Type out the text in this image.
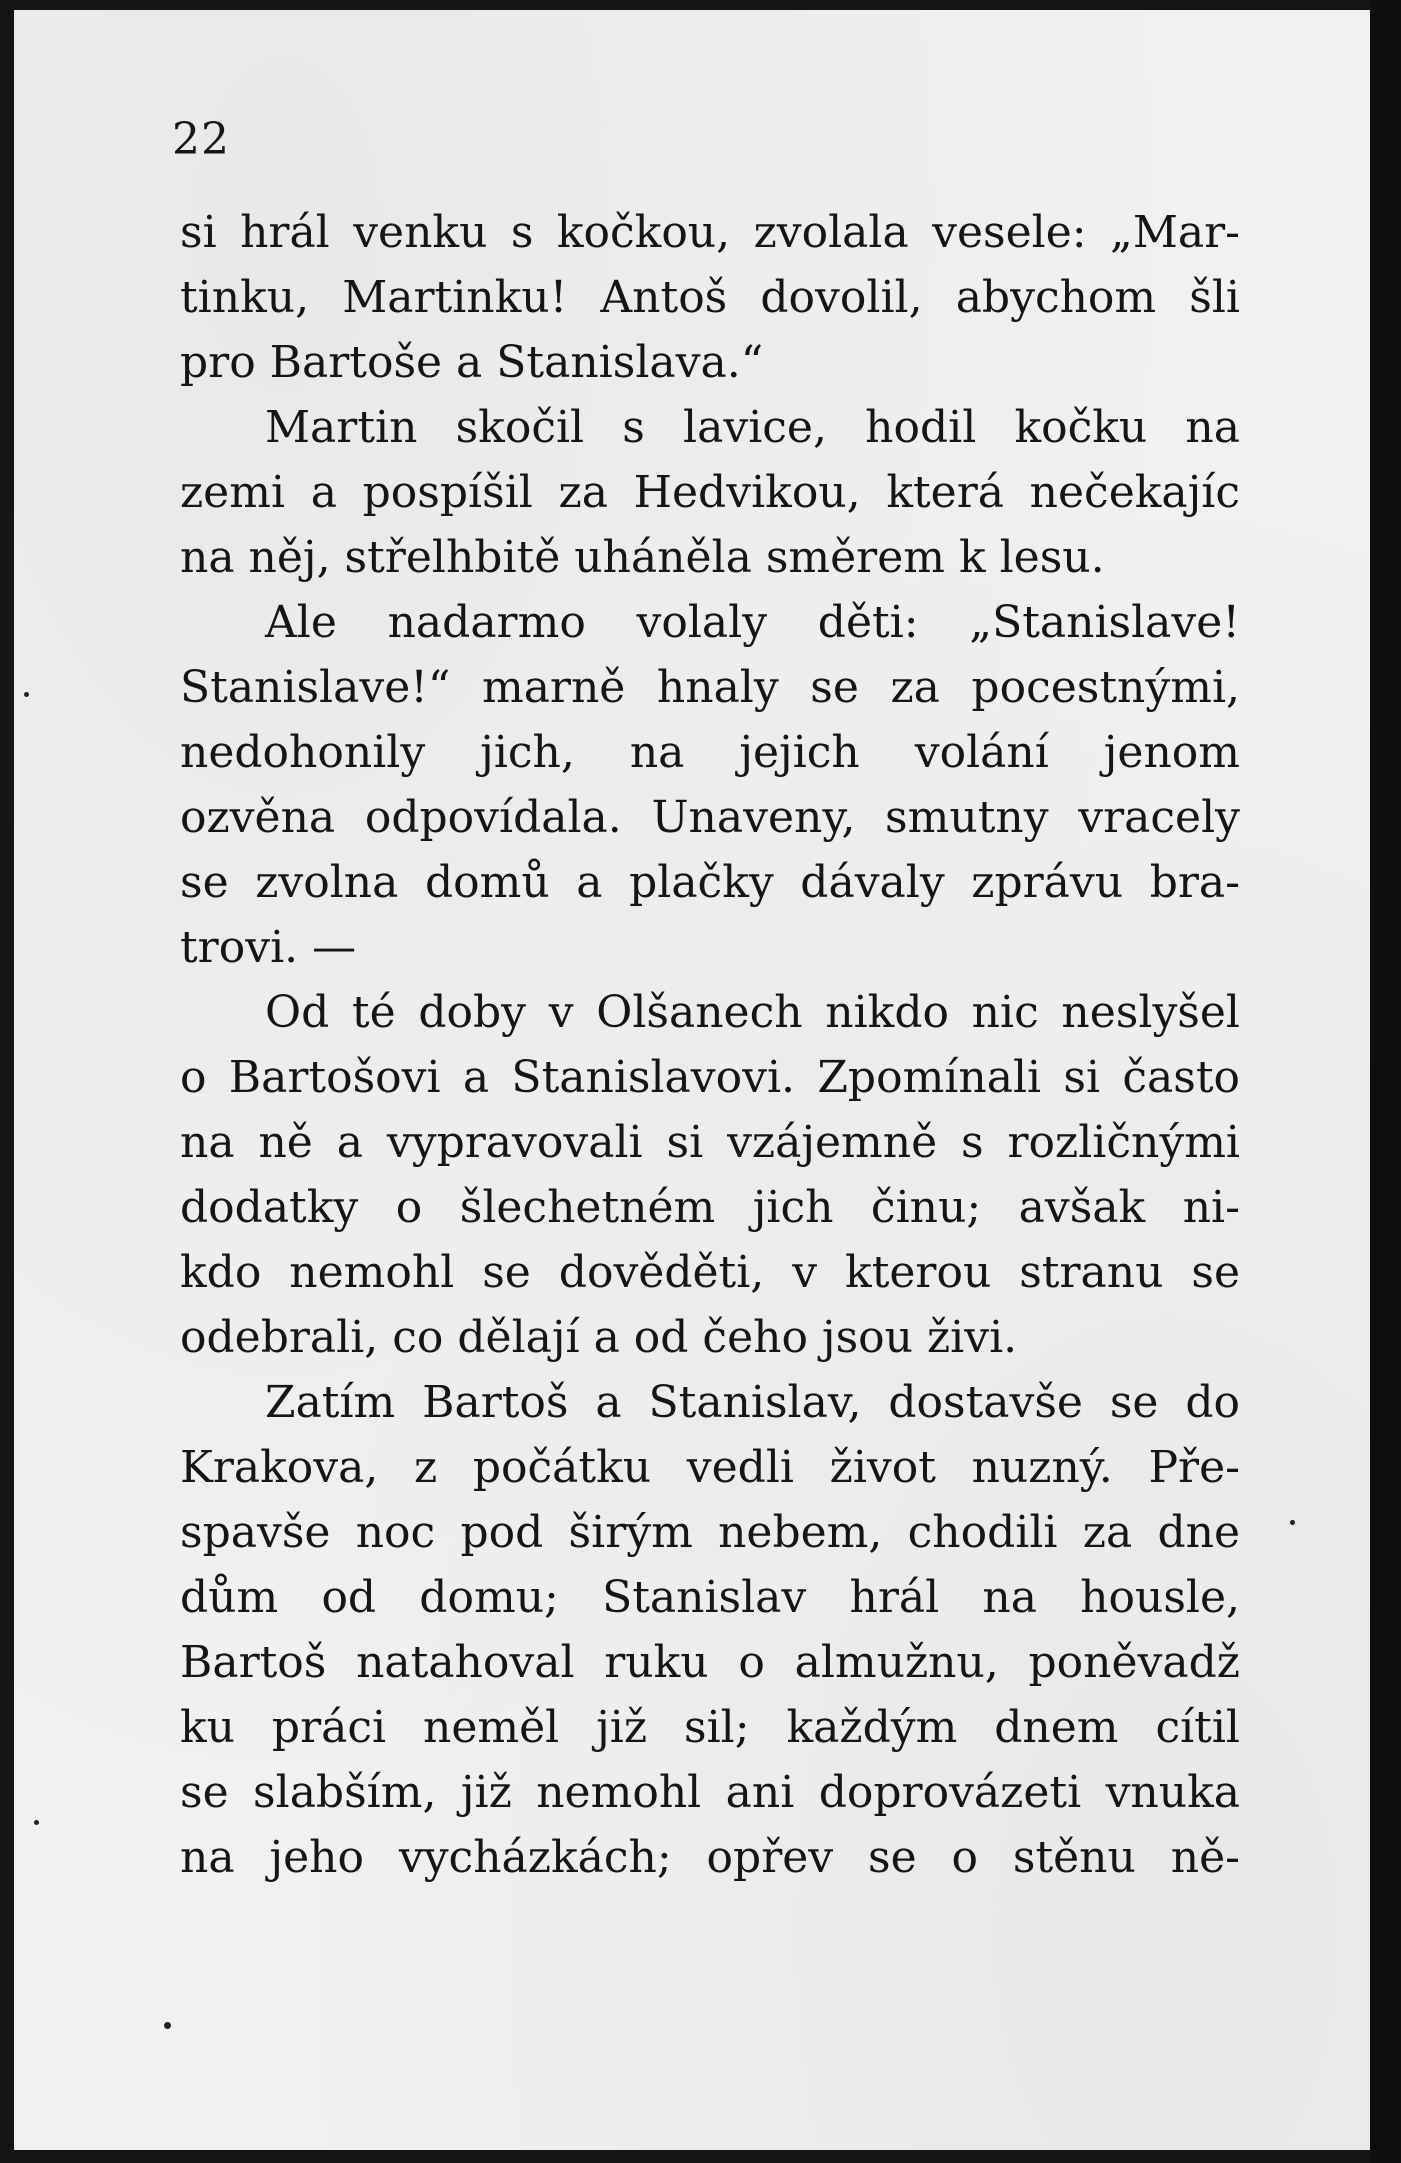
22
si hrál venku s kočkou, zvolala vesele: „Mar-
tinku, Martinku! Antoš dovolil, abychom šli
pro Bartoše a Stanislava.“
Martin skočil s lavice, hodil kočku na
zemi a pospíšil za Hedvikou, která nečekajíc
na něj, střelhbitě uháněla směrem k lesu.
Ale nadarmo volaly děti: „Stanislave!
Stanislave!“ marně hnaly se za pocestnými,
nedohonily jich, na jejich volání jenom
ozvěna odpovídala. Unaveny, smutny vracely
se zvolna domů a plačky dávaly zprávu bra-
trovi. —
Od té doby v Olšanech nikdo nic neslyšel
o Bartošovi a Stanislavovi. Zpomínali si často
na ně a vypravovali si vzájemně s rozličnými
dodatky o šlechetném jich činu; avšak ni-
kdo nemohl se dověděti, v kterou stranu se
odebrali, co dělají a od čeho jsou živi.
Zatím Bartoš a Stanislav, dostavše se do
Krakova, z počátku vedli život nuzný. Pře-
spavše noc pod širým nebem, chodili za dne
dům od domu; Stanislav hrál na housle,
Bartoš natahoval ruku o almužnu, poněvadž
ku práci neměl již sil; každým dnem cítil
se slabším, již nemohl ani doprovázeti vnuka
na jeho vycházkách; opřev se o stěnu ně-
